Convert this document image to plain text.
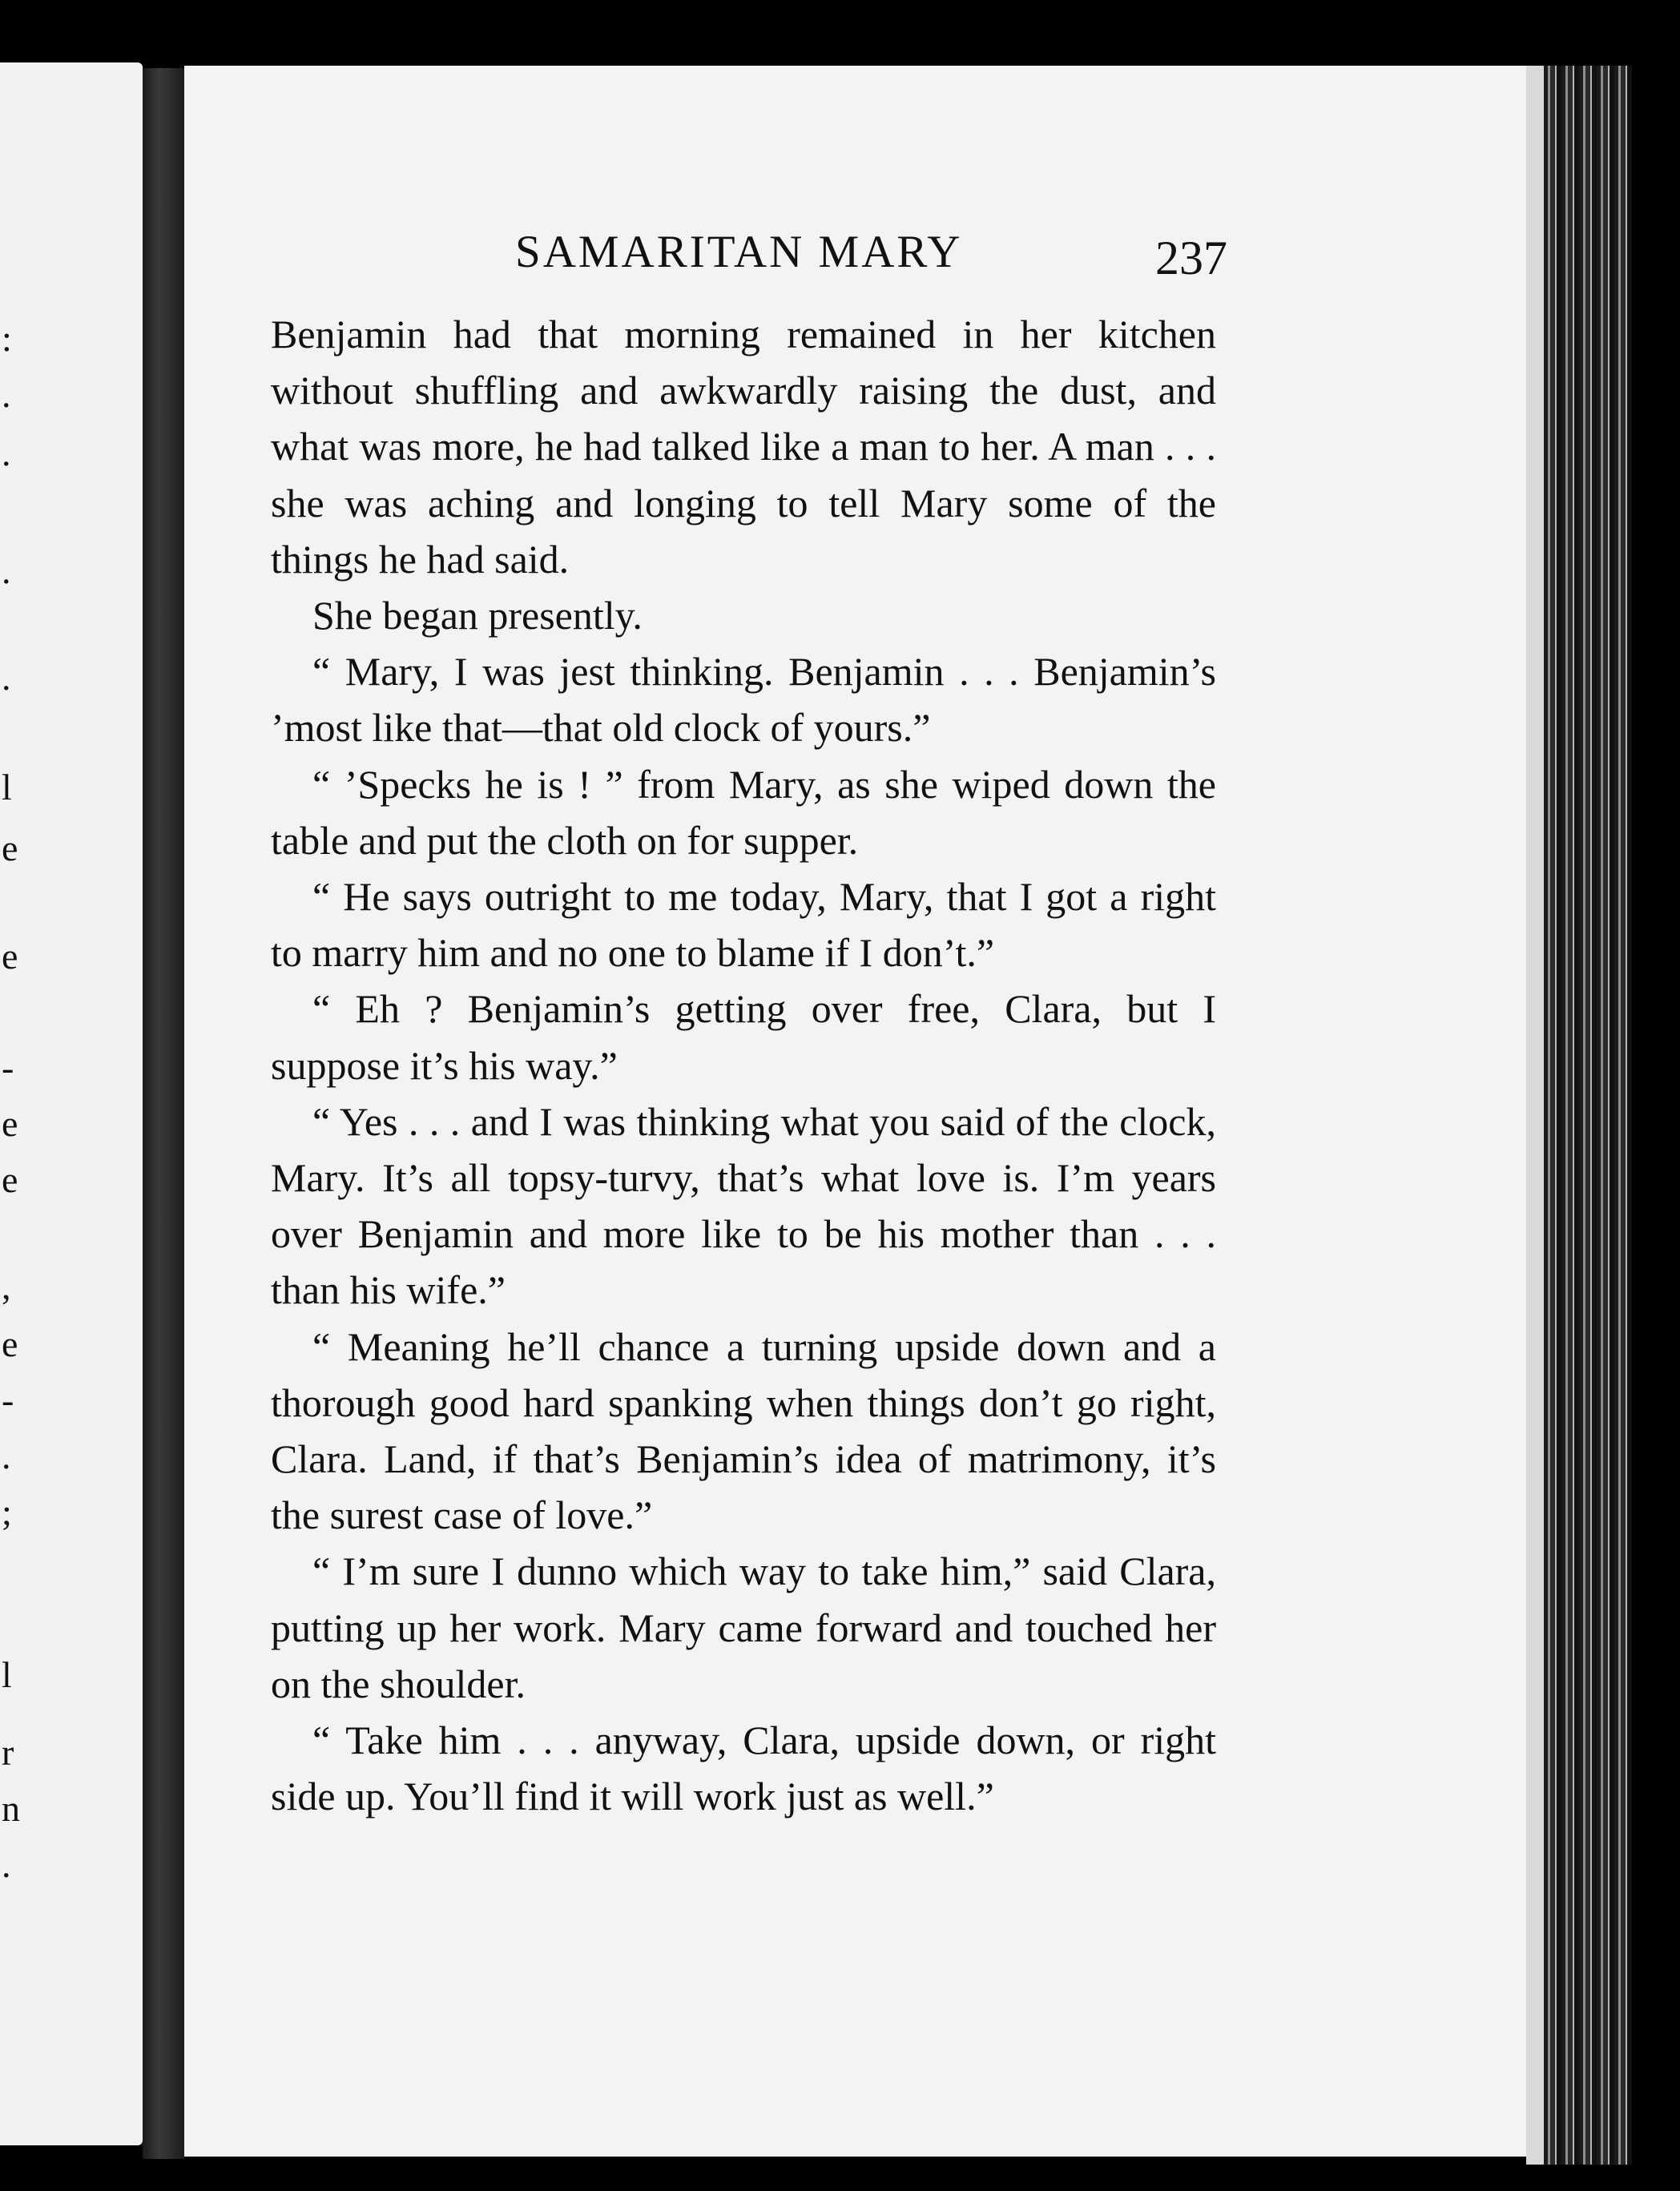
:
.
.
.
.
l
e
e
-
e
e
,
e
-
.
;
l
r
n
.
SAMARITAN MARY	237

Benjamin had that morning remained in her kitchen without shuffling and awkwardly raising the dust, and what was more, he had talked like a man to her. A man . . . she was aching and longing to tell Mary some of the things he had said.

She began presently.

“ Mary, I was jest thinking. Benjamin . . . Benjamin’s ’most like that—that old clock of yours.”

“ ’Specks he is ! ” from Mary, as she wiped down the table and put the cloth on for supper.

“ He says outright to me today, Mary, that I got a right to marry him and no one to blame if I don’t.”

“ Eh ? Benjamin’s getting over free, Clara, but I suppose it’s his way.”

“ Yes . . . and I was thinking what you said of the clock, Mary. It’s all topsy-turvy, that’s what love is. I’m years over Benjamin and more like to be his mother than . . . than his wife.”

“ Meaning he’ll chance a turning upside down and a thorough good hard spanking when things don’t go right, Clara. Land, if that’s Benjamin’s idea of matrimony, it’s the surest case of love.”

“ I’m sure I dunno which way to take him,” said Clara, putting up her work. Mary came forward and touched her on the shoulder.

“ Take him . . . anyway, Clara, upside down, or right side up. You’ll find it will work just as well.”
